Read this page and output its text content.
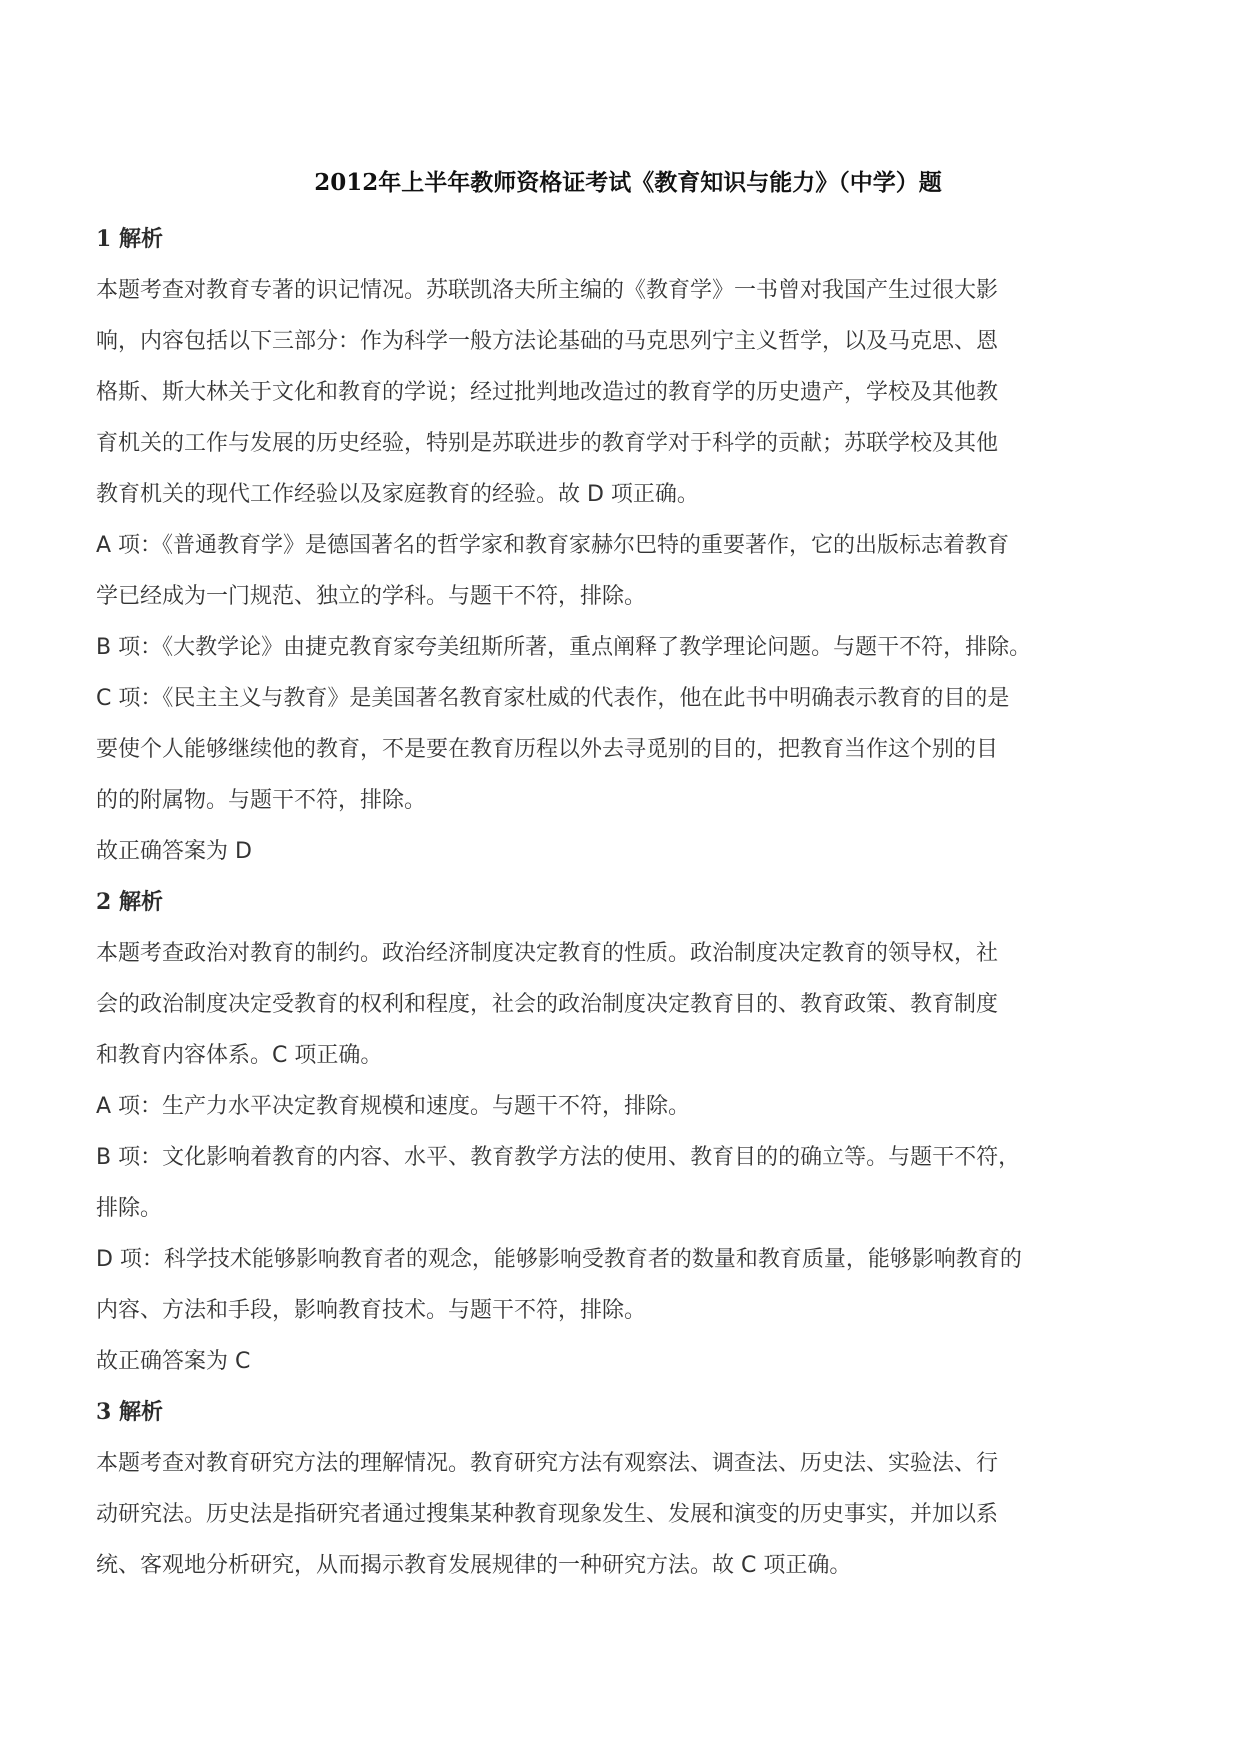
2012年上半年教师资格证考试《教育知识与能力》（中学）题
1 解析
本题考查对教育专著的识记情况。苏联凯洛夫所主编的《教育学》一书曾对我国产生过很大影
响，内容包括以下三部分：作为科学一般方法论基础的马克思列宁主义哲学，以及马克思、恩
格斯、斯大林关于文化和教育的学说；经过批判地改造过的教育学的历史遗产，学校及其他教
育机关的工作与发展的历史经验，特别是苏联进步的教育学对于科学的贡献；苏联学校及其他
教育机关的现代工作经验以及家庭教育的经验。故 D 项正确。
A 项：《普通教育学》是德国著名的哲学家和教育家赫尔巴特的重要著作，它的出版标志着教育
学已经成为一门规范、独立的学科。与题干不符，排除。
B 项：《大教学论》由捷克教育家夸美纽斯所著，重点阐释了教学理论问题。与题干不符，排除。
C 项：《民主主义与教育》是美国著名教育家杜威的代表作，他在此书中明确表示教育的目的是
要使个人能够继续他的教育，不是要在教育历程以外去寻觅别的目的，把教育当作这个别的目
的的附属物。与题干不符，排除。
故正确答案为 D
2 解析
本题考查政治对教育的制约。政治经济制度决定教育的性质。政治制度决定教育的领导权，社
会的政治制度决定受教育的权利和程度，社会的政治制度决定教育目的、教育政策、教育制度
和教育内容体系。C 项正确。
A 项：生产力水平决定教育规模和速度。与题干不符，排除。
B 项：文化影响着教育的内容、水平、教育教学方法的使用、教育目的的确立等。与题干不符，
排除。
D 项：科学技术能够影响教育者的观念，能够影响受教育者的数量和教育质量，能够影响教育的
内容、方法和手段，影响教育技术。与题干不符，排除。
故正确答案为 C
3 解析
本题考查对教育研究方法的理解情况。教育研究方法有观察法、调查法、历史法、实验法、行
动研究法。历史法是指研究者通过搜集某种教育现象发生、发展和演变的历史事实，并加以系
统、客观地分析研究，从而揭示教育发展规律的一种研究方法。故 C 项正确。
